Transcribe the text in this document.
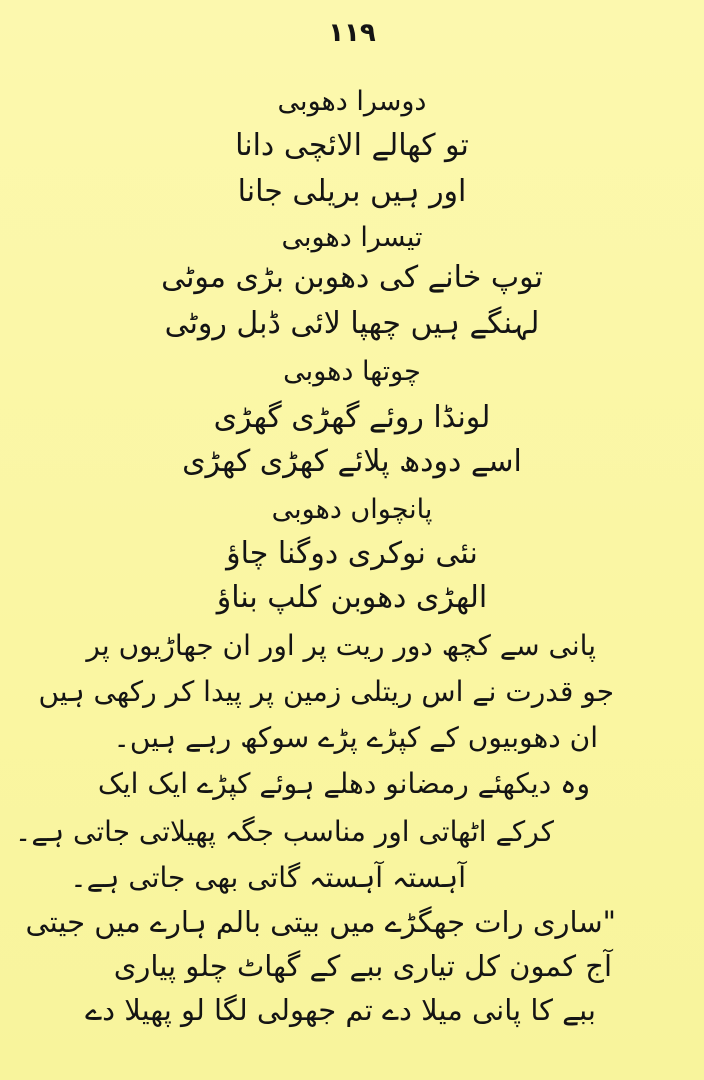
۱۱۹
دوسرا دھوبی
تو کھالے الائچی دانا
اور ہیں بریلی جانا
تیسرا دھوبی
توپ خانے کی دھوبن بڑی موٹی
لہنگے ہیں چھپا لائی ڈبل روٹی
چوتھا دھوبی
لونڈا روئے گھڑی گھڑی
اسے دودھ پلائے کھڑی کھڑی
پانچواں دھوبی
نئی نوکری دوگنا چاؤ
الھڑی دھوبن کلپ بناؤ
پانی سے کچھ دور ریت پر اور ان جھاڑیوں پر
جو قدرت نے اس ریتلی زمین پر پیدا کر رکھی ہیں
ان دھوبیوں کے کپڑے پڑے سوکھ رہے ہیں۔
وہ دیکھئے رمضانو دھلے ہوئے کپڑے ایک ایک
کرکے اٹھاتی اور مناسب جگہ پھیلاتی جاتی ہے۔
آہستہ آہستہ گاتی بھی جاتی ہے۔
"ساری رات جھگڑے میں بیتی بالم ہارے میں جیتی
آج کمون کل تیاری ببے کے گھاٹ چلو پیاری
ببے کا پانی میلا دے تم جھولی لگا لو پھیلا دے
